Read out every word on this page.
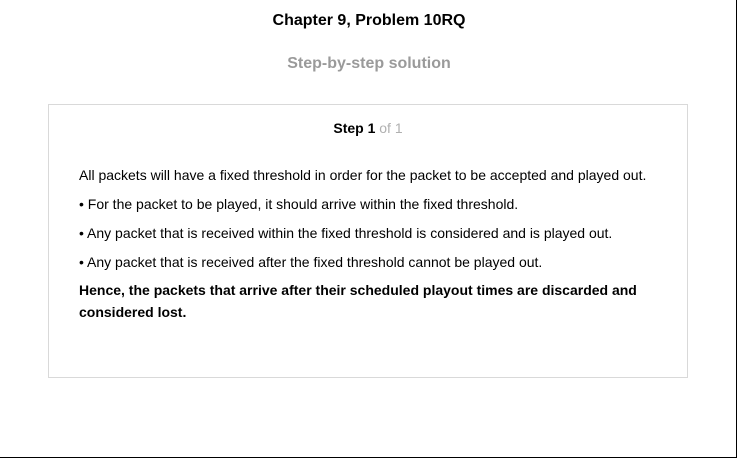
Chapter 9, Problem 10RQ
Step-by-step solution
Step 1 of 1

All packets will have a fixed threshold in order for the packet to be accepted and played out.

• For the packet to be played, it should arrive within the fixed threshold.

• Any packet that is received within the fixed threshold is considered and is played out.

• Any packet that is received after the fixed threshold cannot be played out.

Hence, the packets that arrive after their scheduled playout times are discarded and considered lost.
